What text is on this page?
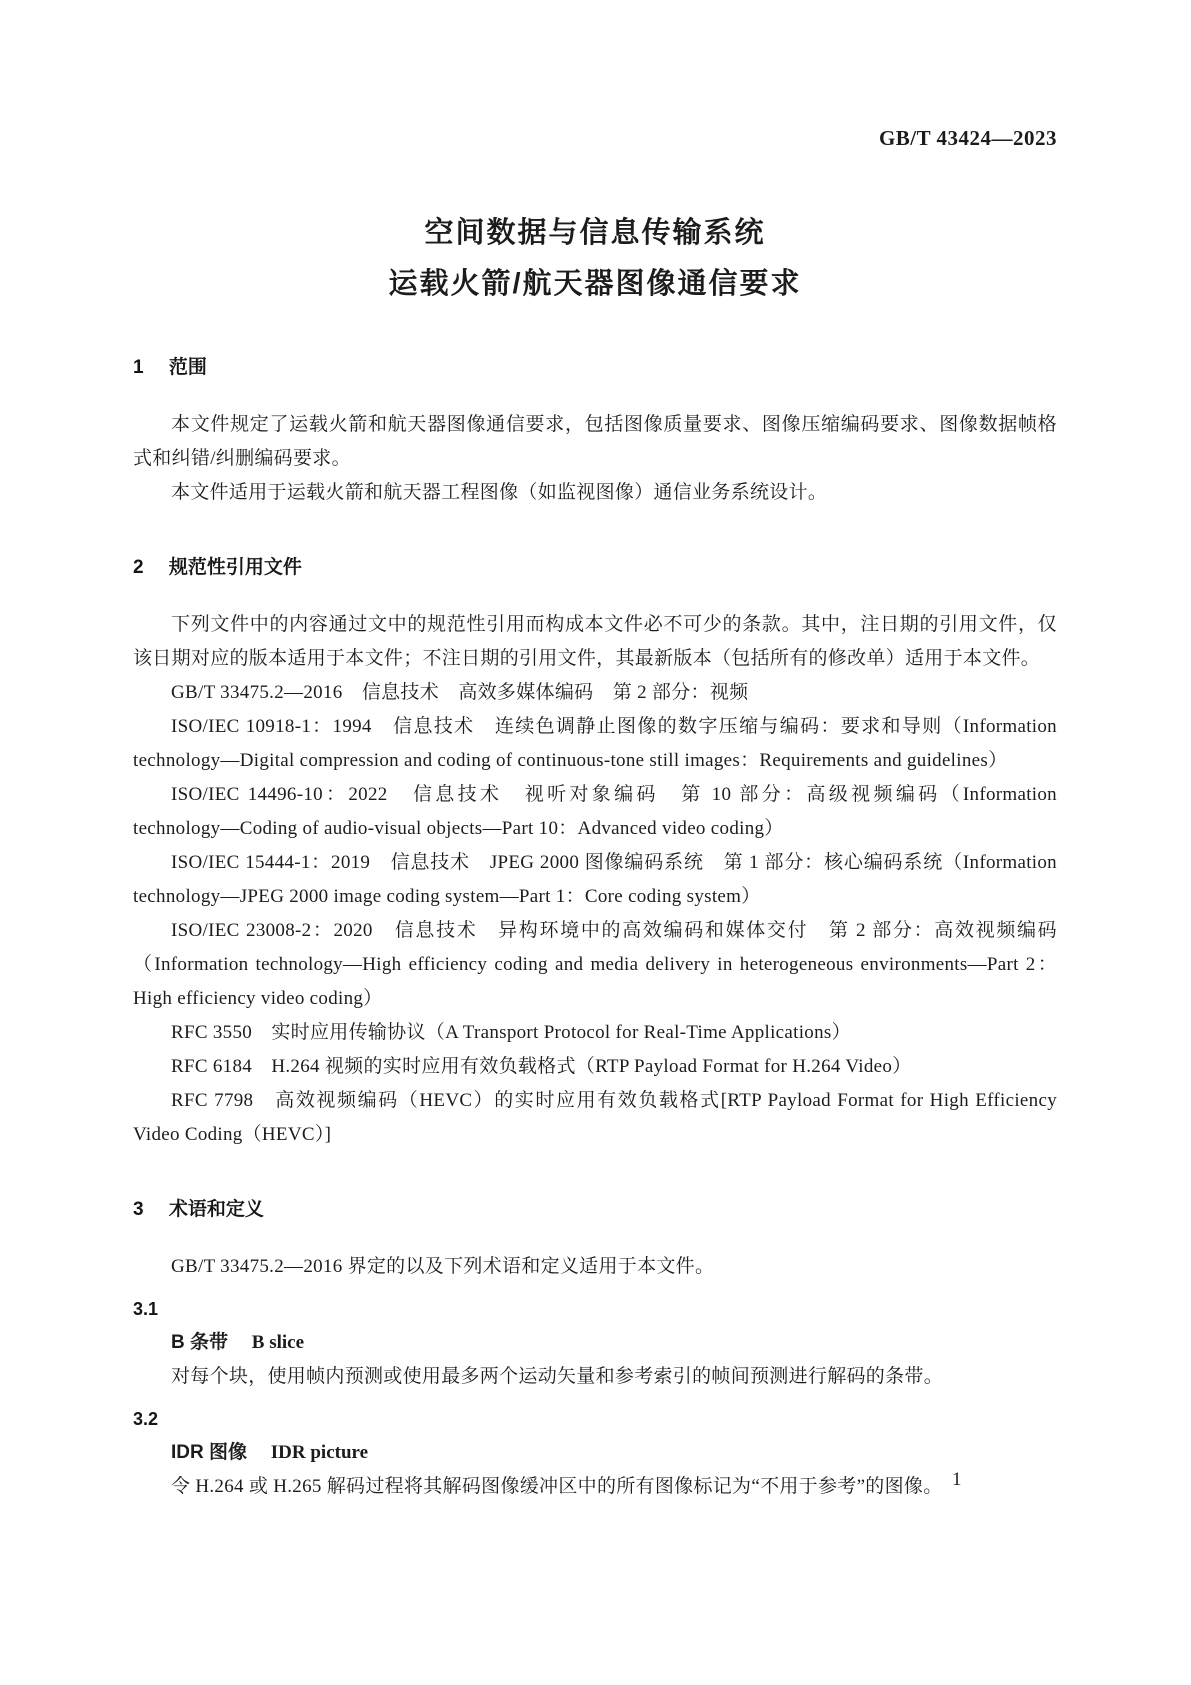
GB/T 43424—2023
空间数据与信息传输系统
运载火箭/航天器图像通信要求
1 范围

本文件规定了运载火箭和航天器图像通信要求，包括图像质量要求、图像压缩编码要求、图像数据帧格式和纠错/纠删编码要求。

本文件适用于运载火箭和航天器工程图像（如监视图像）通信业务系统设计。

2 规范性引用文件

下列文件中的内容通过文中的规范性引用而构成本文件必不可少的条款。其中，注日期的引用文件，仅该日期对应的版本适用于本文件；不注日期的引用文件，其最新版本（包括所有的修改单）适用于本文件。

GB/T 33475.2—2016　信息技术　高效多媒体编码　第 2 部分：视频

ISO/IEC 10918-1：1994　信息技术　连续色调静止图像的数字压缩与编码：要求和导则（Information technology—Digital compression and coding of continuous-tone still images：Requirements and guidelines）

ISO/IEC 14496-10：2022　信息技术　视听对象编码　第 10 部分：高级视频编码（Information technology—Coding of audio-visual objects—Part 10：Advanced video coding）

ISO/IEC 15444-1：2019　信息技术　JPEG 2000 图像编码系统　第 1 部分：核心编码系统（Information technology—JPEG 2000 image coding system—Part 1：Core coding system）

ISO/IEC 23008-2：2020　信息技术　异构环境中的高效编码和媒体交付　第 2 部分：高效视频编码（Information technology—High efficiency coding and media delivery in heterogeneous environments—Part 2：High efficiency video coding）

RFC 3550　实时应用传输协议（A Transport Protocol for Real-Time Applications）

RFC 6184　H.264 视频的实时应用有效负载格式（RTP Payload Format for H.264 Video）

RFC 7798　高效视频编码（HEVC）的实时应用有效负载格式[RTP Payload Format for High Efficiency Video Coding（HEVC）]

3 术语和定义

GB/T 33475.2—2016 界定的以及下列术语和定义适用于本文件。

3.1

B 条带 B slice

对每个块，使用帧内预测或使用最多两个运动矢量和参考索引的帧间预测进行解码的条带。

3.2

IDR 图像 IDR picture

令 H.264 或 H.265 解码过程将其解码图像缓冲区中的所有图像标记为“不用于参考”的图像。 1
